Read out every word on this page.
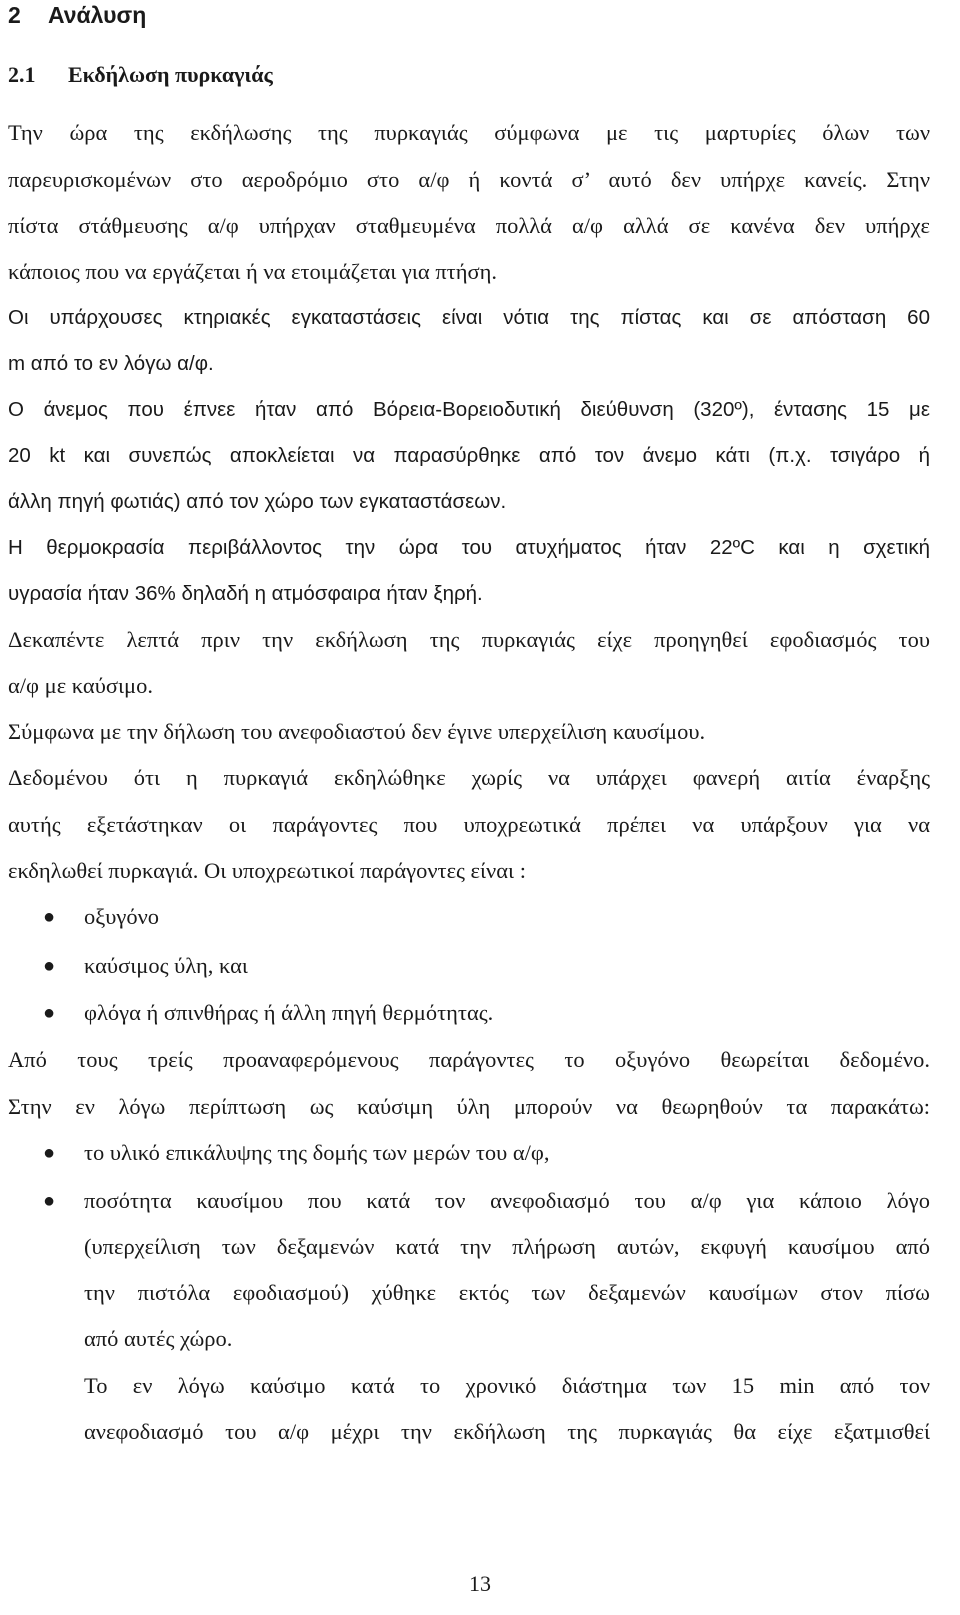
2 Ανάλυση
2.1 Εκδήλωση πυρκαγιάς
Την ώρα της εκδήλωσης της πυρκαγιάς σύμφωνα με τις μαρτυρίες όλων των
παρευρισκομένων στο αεροδρόμιο στο α/φ ή κοντά σ’ αυτό δεν υπήρχε κανείς. Στην
πίστα στάθμευσης α/φ υπήρχαν σταθμευμένα πολλά α/φ αλλά σε κανένα δεν υπήρχε
κάποιος που να εργάζεται ή να ετοιμάζεται για πτήση.
Οι υπάρχουσες κτηριακές εγκαταστάσεις είναι νότια της πίστας και σε απόσταση 60
m από το εν λόγω α/φ.
Ο άνεμος που έπνεε ήταν από Βόρεια-Βορειοδυτική διεύθυνση (320º), έντασης 15 με
20 kt και συνεπώς αποκλείεται να παρασύρθηκε από τον άνεμο κάτι (π.χ. τσιγάρο ή
άλλη πηγή φωτιάς) από τον χώρο των εγκαταστάσεων.
Η θερμοκρασία περιβάλλοντος την ώρα του ατυχήματος ήταν 22ºC και η σχετική
υγρασία ήταν 36% δηλαδή η ατμόσφαιρα ήταν ξηρή.
Δεκαπέντε λεπτά πριν την εκδήλωση της πυρκαγιάς είχε προηγηθεί εφοδιασμός του
α/φ με καύσιμο.
Σύμφωνα με την δήλωση του ανεφοδιαστού δεν έγινε υπερχείλιση καυσίμου.
Δεδομένου ότι η πυρκαγιά εκδηλώθηκε χωρίς να υπάρχει φανερή αιτία έναρξης
αυτής εξετάστηκαν οι παράγοντες που υποχρεωτικά πρέπει να υπάρξουν για να
εκδηλωθεί πυρκαγιά. Οι υποχρεωτικοί παράγοντες είναι :
● οξυγόνο
● καύσιμος ύλη, και
● φλόγα ή σπινθήρας ή άλλη πηγή θερμότητας.
Από τους τρείς προαναφερόμενους παράγοντες το οξυγόνο θεωρείται δεδομένο.
Στην εν λόγω περίπτωση ως καύσιμη ύλη μπορούν να θεωρηθούν τα παρακάτω:
● το υλικό επικάλυψης της δομής των μερών του α/φ,
● ποσότητα καυσίμου που κατά τον ανεφοδιασμό του α/φ για κάποιο λόγο
(υπερχείλιση των δεξαμενών κατά την πλήρωση αυτών, εκφυγή καυσίμου από
την πιστόλα εφοδιασμού) χύθηκε εκτός των δεξαμενών καυσίμων στον πίσω
από αυτές χώρο.
Το εν λόγω καύσιμο κατά το χρονικό διάστημα των 15 min από τον
ανεφοδιασμό του α/φ μέχρι την εκδήλωση της πυρκαγιάς θα είχε εξατμισθεί
13
